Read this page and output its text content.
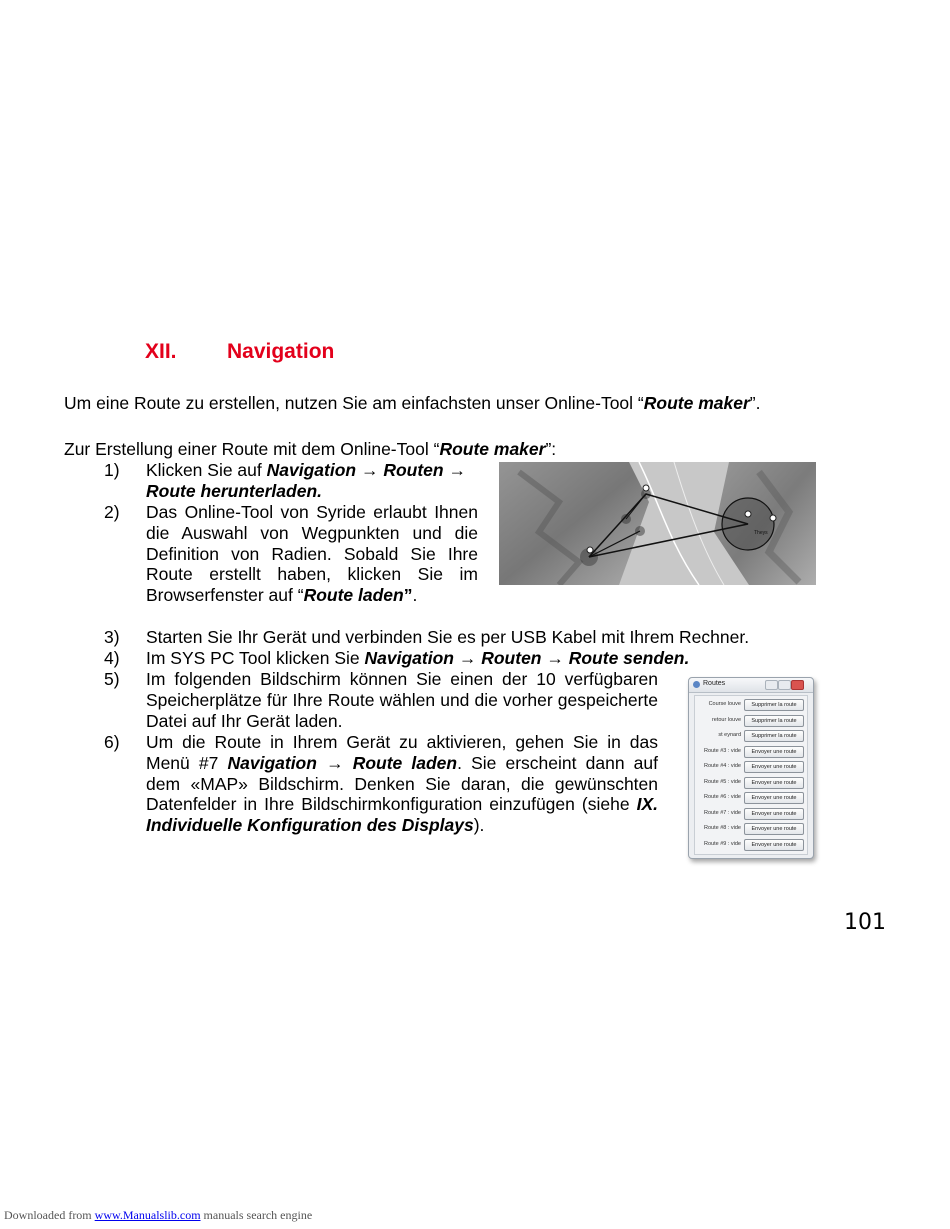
XII. Navigation
Um eine Route zu erstellen, nutzen Sie am einfachsten unser Online-Tool “Route maker”.
Zur Erstellung einer Route mit dem Online-Tool “Route maker”:
1) Klicken Sie auf Navigation → Routen →
Route herunterladen.
2) Das Online-Tool von Syride erlaubt Ihnen die Auswahl von Wegpunkten und die Definition von Radien. Sobald Sie Ihre Route erstellt haben, klicken Sie im Browserfenster auf “Route laden”.
Theys
3) Starten Sie Ihr Gerät und verbinden Sie es per USB Kabel mit Ihrem Rechner.
4) Im SYS PC Tool klicken Sie Navigation → Routen → Route senden.
5) Im folgenden Bildschirm können Sie einen der 10 verfügbaren Speicherplätze für Ihre Route wählen und die vorher gespeicherte Datei auf Ihr Gerät laden.
6) Um die Route in Ihrem Gerät zu aktivieren, gehen Sie in das Menü #7 Navigation → Route laden. Sie erscheint dann auf dem «MAP» Bildschirm. Denken Sie daran, die gewünschten Datenfelder in Ihre Bildschirmkonfiguration einzufügen (siehe IX. Individuelle Konfiguration des Displays).
Routes
Course louve	Supprimer la route
retour louve	Supprimer la route
st eynard	Supprimer la route
Route #3 : vide	Envoyer une route
Route #4 : vide	Envoyer une route
Route #5 : vide	Envoyer une route
Route #6 : vide	Envoyer une route
Route #7 : vide	Envoyer une route
Route #8 : vide	Envoyer une route
Route #9 : vide	Envoyer une route
101
Downloaded from www.Manualslib.com manuals search engine
